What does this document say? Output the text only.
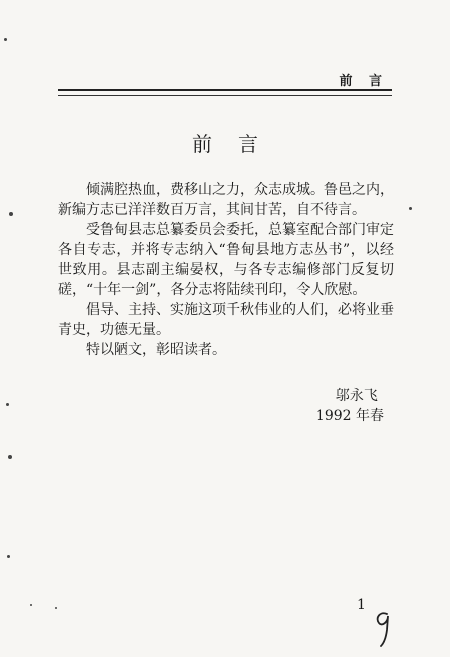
前 言
前言

倾满腔热血，费移山之力，众志成城。鲁邑之内，新编方志已洋洋数百万言，其间甘苦，自不待言。

受鲁甸县志总纂委员会委托，总纂室配合部门审定各自专志，并将专志纳入“鲁甸县地方志丛书”，以经世致用。县志副主编晏权，与各专志编修部门反复切磋，“十年一剑”，各分志将陆续刊印，令人欣慰。

倡导、主持、实施这项千秋伟业的人们，必将业垂青史，功德无量。

特以陋文，彰昭读者。

邬永飞
1992 年春
1
